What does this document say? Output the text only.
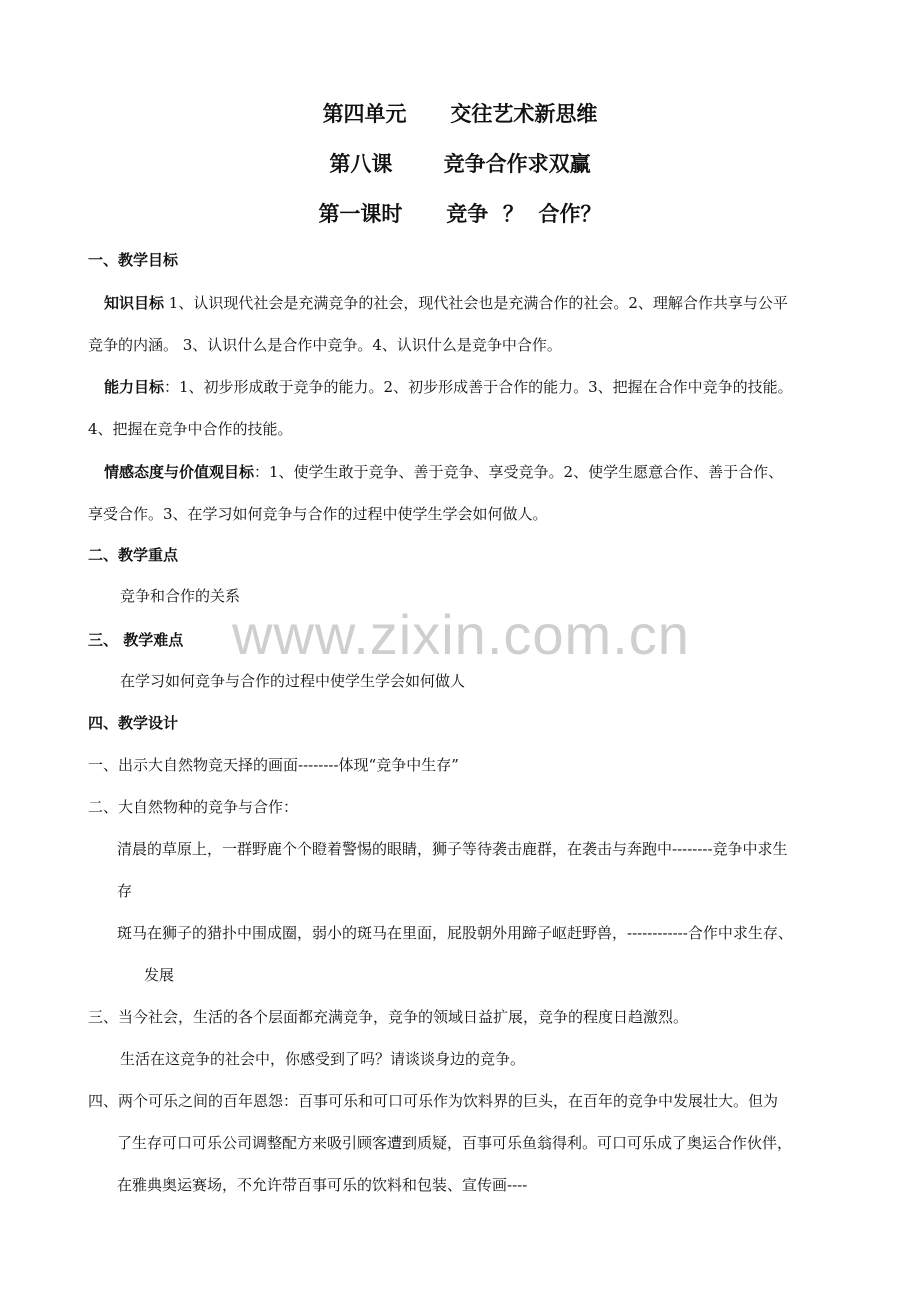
第四单元      交往艺术新思维
第八课       竞争合作求双赢
第一课时      竞争  ？  合作？
一、教学目标
知识目标 1、认识现代社会是充满竞争的社会，现代社会也是充满合作的社会。2、理解合作共享与公平
竞争的内涵。 3、认识什么是合作中竞争。4、认识什么是竞争中合作。
能力目标：1、初步形成敢于竞争的能力。2、初步形成善于合作的能力。3、把握在合作中竞争的技能。
4、把握在竞争中合作的技能。
情感态度与价值观目标：1、使学生敢于竞争、善于竞争、享受竞争。2、使学生愿意合作、善于合作、
享受合作。3、在学习如何竞争与合作的过程中使学生学会如何做人。
二、教学重点
竞争和合作的关系
三、 教学难点
在学习如何竞争与合作的过程中使学生学会如何做人
四、教学设计
一、出示大自然物竞天择的画面--------体现“竞争中生存”
二、大自然物种的竞争与合作：
清晨的草原上，一群野鹿个个瞪着警惕的眼睛，狮子等待袭击鹿群，在袭击与奔跑中--------竞争中求生
存
斑马在狮子的猎扑中围成圈，弱小的斑马在里面，屁股朝外用蹄子岖赶野兽，------------合作中求生存、
发展
三、当今社会，生活的各个层面都充满竞争，竞争的领域日益扩展，竞争的程度日趋激烈。
生活在这竞争的社会中，你感受到了吗？请谈谈身边的竞争。
四、两个可乐之间的百年恩怨：百事可乐和可口可乐作为饮料界的巨头，在百年的竞争中发展壮大。但为
了生存可口可乐公司调整配方来吸引顾客遭到质疑，百事可乐鱼翁得利。可口可乐成了奥运合作伙伴，
在雅典奥运赛场，不允许带百事可乐的饮料和包装、宣传画----
www.zixin.com.cn
